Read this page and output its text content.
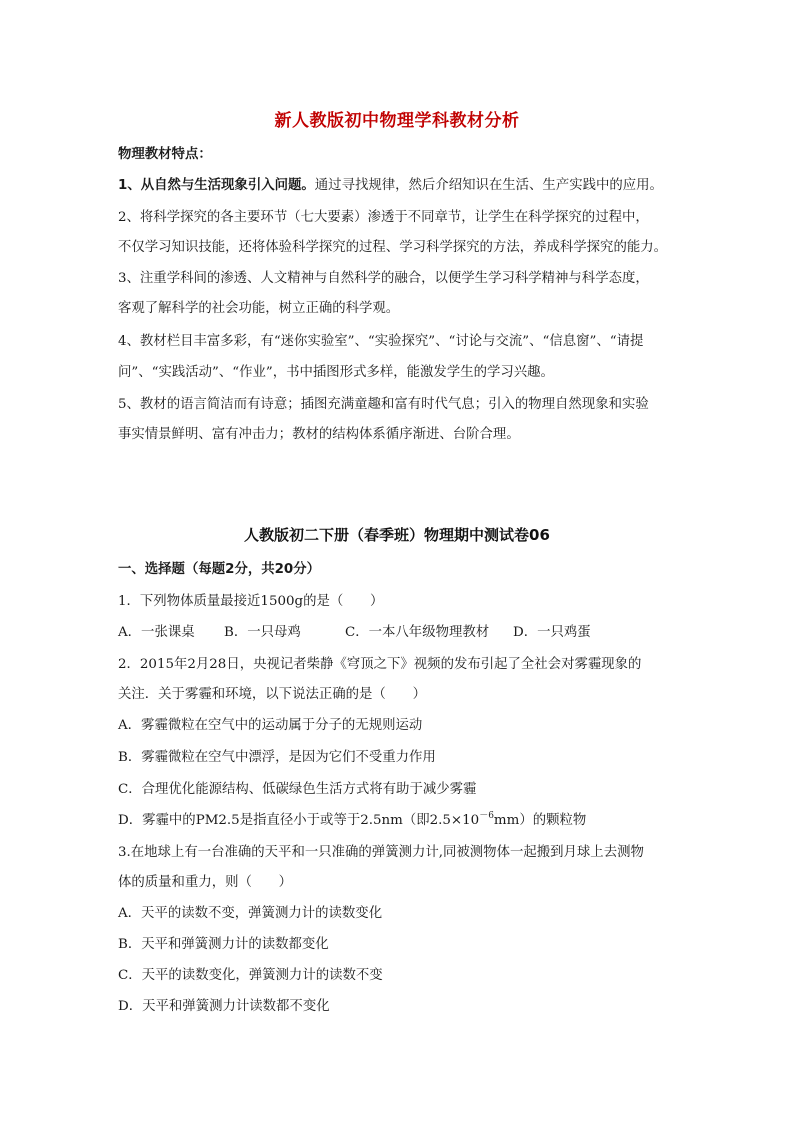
新人教版初中物理学科教材分析
物理教材特点：
1、从自然与生活现象引入问题。通过寻找规律，然后介绍知识在生活、生产实践中的应用。
2、将科学探究的各主要环节（七大要素）渗透于不同章节，让学生在科学探究的过程中，
不仅学习知识技能，还将体验科学探究的过程、学习科学探究的方法，养成科学探究的能力。
3、注重学科间的渗透、人文精神与自然科学的融合，以便学生学习科学精神与科学态度，
客观了解科学的社会功能，树立正确的科学观。
4、教材栏目丰富多彩，有“迷你实验室”、“实验探究”、“讨论与交流”、“信息窗”、“请提
问”、“实践活动”、“作业”，书中插图形式多样，能激发学生的学习兴趣。
5、教材的语言简洁而有诗意；插图充满童趣和富有时代气息；引入的物理自然现象和实验
事实情景鲜明、富有冲击力；教材的结构体系循序渐进、台阶合理。
人教版初二下册（春季班）物理期中测试卷06
一、选择题（每题2分，共20分）
1．下列物体质量最接近1500g的是（　　）
A．一张课桌 B．一只母鸡	C．一本八年级物理教材 D．一只鸡蛋
2．2015年2月28日，央视记者柴静《穹顶之下》视频的发布引起了全社会对雾霾现象的
关注．关于雾霾和环境，以下说法正确的是（　　）
A．雾霾微粒在空气中的运动属于分子的无规则运动
B．雾霾微粒在空气中漂浮，是因为它们不受重力作用
C．合理优化能源结构、低碳绿色生活方式将有助于减少雾霾
D．雾霾中的PM2.5是指直径小于或等于2.5nm（即$2.5\times 10^{-6}mm$）的颗粒物
3.在地球上有一台准确的天平和一只准确的弹簧测力计,同被测物体一起搬到月球上去测物
体的质量和重力，则（　　）
A．天平的读数不变，弹簧测力计的读数变化
B．天平和弹簧测力计的读数都变化
C．天平的读数变化，弹簧测力计的读数不变
D．天平和弹簧测力计读数都不变化
